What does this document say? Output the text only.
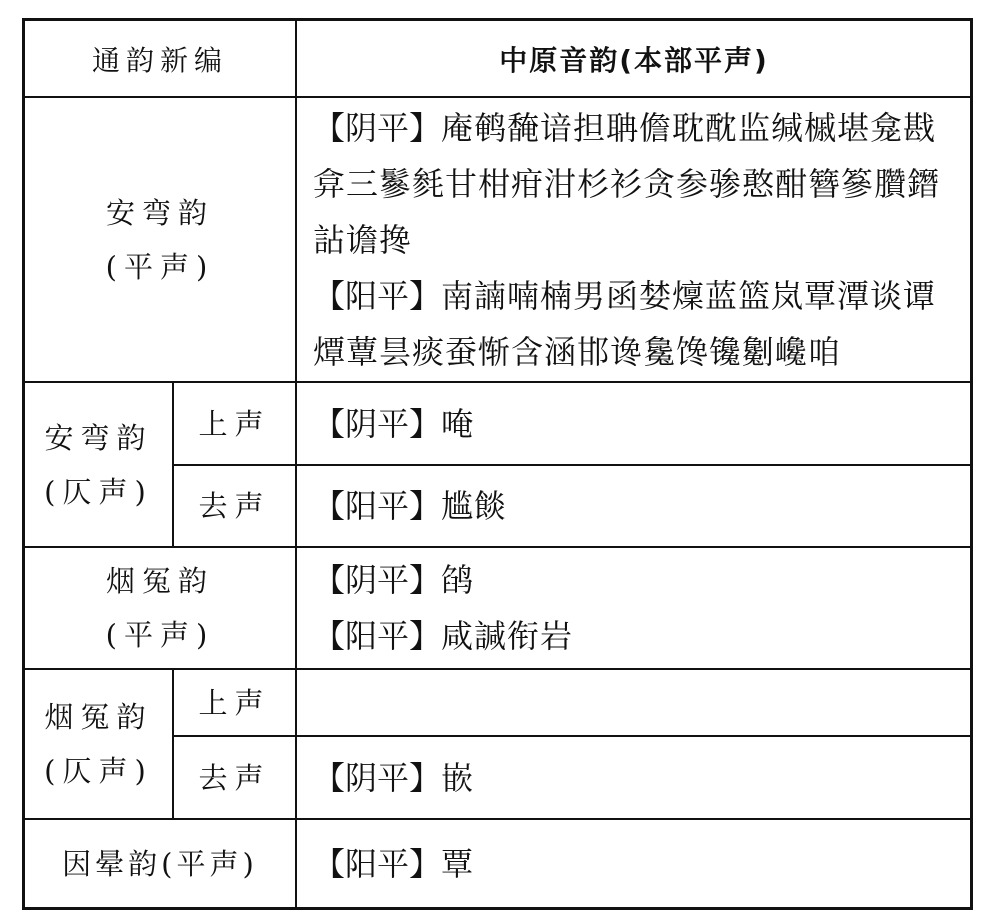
通韵新编	中原音韵(本部平声)
安弯韵
(平声)
【阴平】庵鹌馣谙担聃儋耽酖监缄槭堪龛戡弇三鬖毵甘柑疳泔杉衫贪参骖憨酣簪篸臢鐕詀谵搀
【阳平】南諵喃楠男函婪燣蓝篮岚覃潭谈谭燂蕈昙痰蚕惭含涵邯谗毚馋镵劖巉咱
安弯韵
(仄声)
上声 【阴平】唵
去声 【阳平】尴餤
烟冤韵
(平声)
【阴平】鹐
【阳平】咸諴衔岩
烟冤韵
(仄声)
上声
去声 【阴平】嵌
因晕韵(平声) 【阳平】覃
